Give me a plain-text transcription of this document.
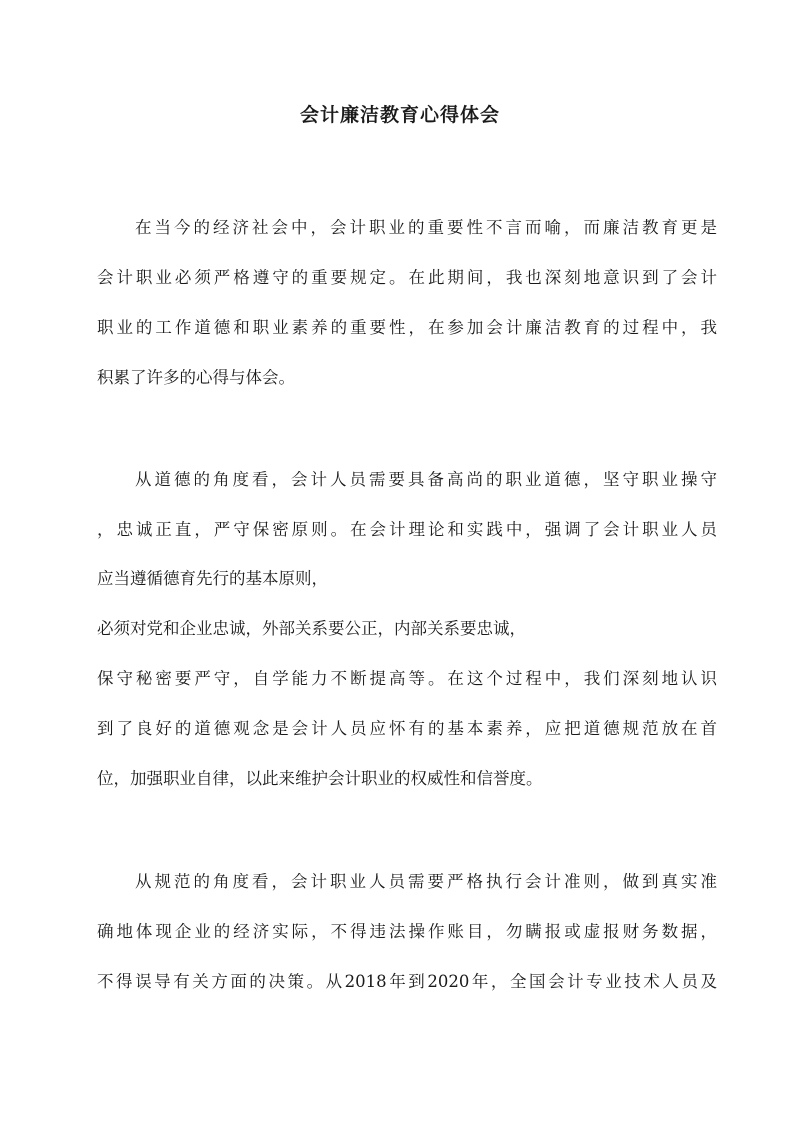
会计廉洁教育心得体会

在当今的经济社会中，会计职业的重要性不言而喻，而廉洁教育更是

会计职业必须严格遵守的重要规定。在此期间，我也深刻地意识到了会计

职业的工作道德和职业素养的重要性，在参加会计廉洁教育的过程中，我

积累了许多的心得与体会。

从道德的角度看，会计人员需要具备高尚的职业道德，坚守职业操守

，忠诚正直，严守保密原则。在会计理论和实践中，强调了会计职业人员

应当遵循德育先行的基本原则，

必须对党和企业忠诚，外部关系要公正，内部关系要忠诚，

保守秘密要严守，自学能力不断提高等。在这个过程中，我们深刻地认识

到了良好的道德观念是会计人员应怀有的基本素养，应把道德规范放在首

位，加强职业自律，以此来维护会计职业的权威性和信誉度。

从规范的角度看，会计职业人员需要严格执行会计准则，做到真实准

确地体现企业的经济实际，不得违法操作账目，勿瞒报或虚报财务数据，

不得误导有关方面的决策。从2018年到2020年，全国会计专业技术人员及
